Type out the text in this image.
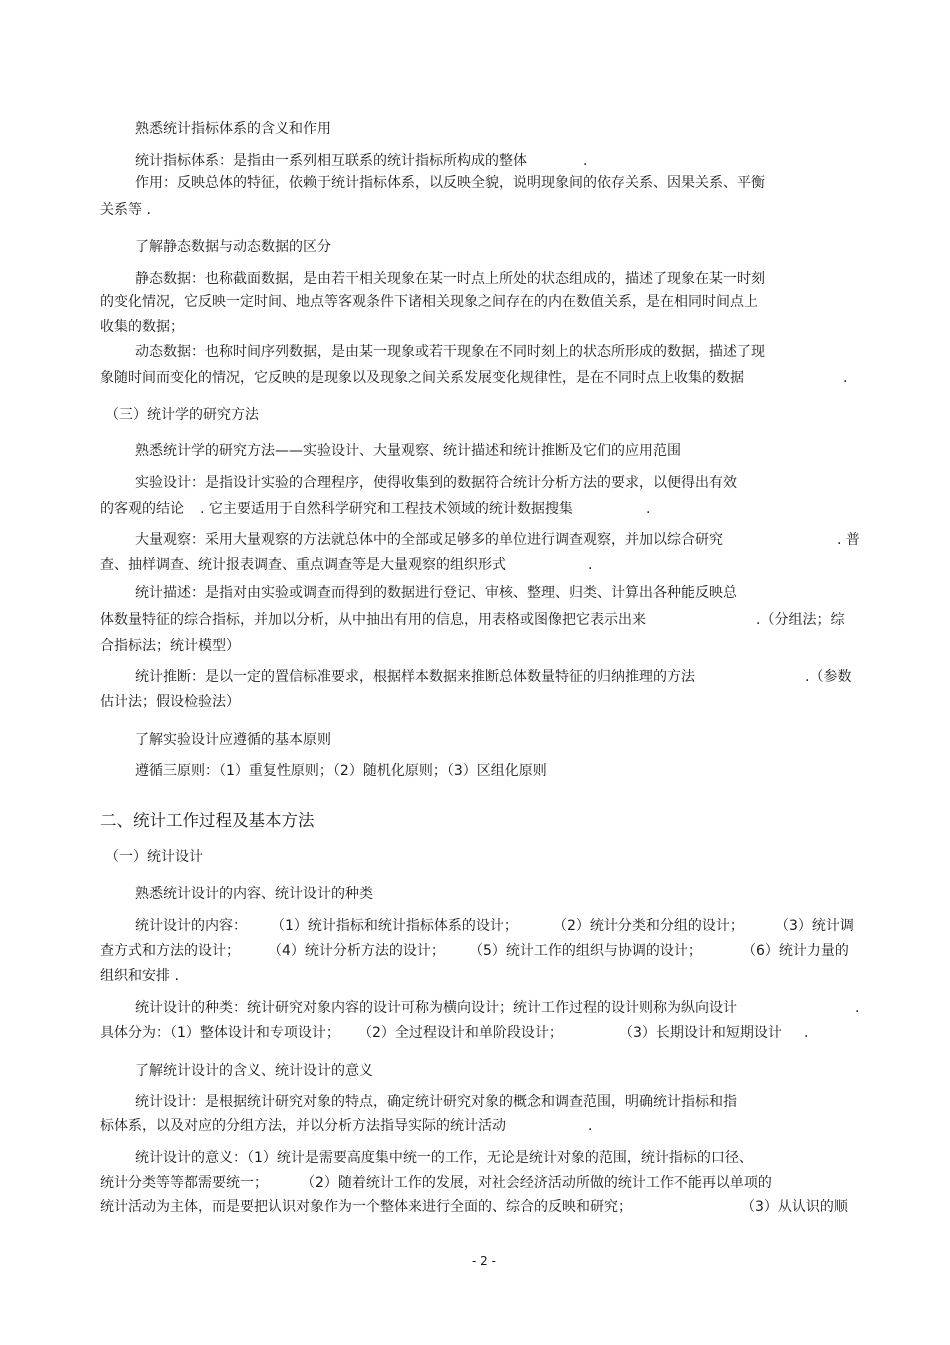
熟悉统计指标体系的含义和作用
统计指标体系：是指由一系列相互联系的统计指标所构成的整体	.
作用：反映总体的特征，依赖于统计指标体系，以反映全貌，说明现象间的依存关系、因果关系、平衡
关系等 .
了解静态数据与动态数据的区分
静态数据：也称截面数据，是由若干相关现象在某一时点上所处的状态组成的，描述了现象在某一时刻
的变化情况，它反映一定时间、地点等客观条件下诸相关现象之间存在的内在数值关系，是在相同时间点上
收集的数据；
动态数据：也称时间序列数据，是由某一现象或若干现象在不同时刻上的状态所形成的数据，描述了现
象随时间而变化的情况，它反映的是现象以及现象之间关系发展变化规律性，是在不同时点上收集的数据	.
（三）统计学的研究方法
熟悉统计学的研究方法——实验设计、大量观察、统计描述和统计推断及它们的应用范围
实验设计：是指设计实验的合理程序，使得收集到的数据符合统计分析方法的要求，以便得出有效
的客观的结论 . 它主要适用于自然科学研究和工程技术领域的统计数据搜集	.
大量观察：采用大量观察的方法就总体中的全部或足够多的单位进行调查观察，并加以综合研究	. 普
查、抽样调查、统计报表调查、重点调查等是大量观察的组织形式	.
统计描述：是指对由实验或调查而得到的数据进行登记、审核、整理、归类、计算出各种能反映总
体数量特征的综合指标，并加以分析，从中抽出有用的信息，用表格或图像把它表示出来	.（分组法；综
合指标法；统计模型）
统计推断：是以一定的置信标准要求，根据样本数据来推断总体数量特征的归纳推理的方法	.（参数
估计法；假设检验法）
了解实验设计应遵循的基本原则
遵循三原则：（1）重复性原则；（2）随机化原则；（3）区组化原则
二、统计工作过程及基本方法
（一）统计设计
熟悉统计设计的内容、统计设计的种类
统计设计的内容： （1）统计指标和统计指标体系的设计；	（2）统计分类和分组的设计； （3）统计调
查方式和方法的设计； （4）统计分析方法的设计； （5）统计工作的组织与协调的设计；	（6）统计力量的
组织和安排 .
统计设计的种类：统计研究对象内容的设计可称为横向设计；统计工作过程的设计则称为纵向设计	.
具体分为：（1）整体设计和专项设计； （2）全过程设计和单阶段设计；	（3）长期设计和短期设计 .
了解统计设计的含义、统计设计的意义
统计设计：是根据统计研究对象的特点，确定统计研究对象的概念和调查范围，明确统计指标和指
标体系，以及对应的分组方法，并以分析方法指导实际的统计活动	.
统计设计的意义：（1）统计是需要高度集中统一的工作，无论是统计对象的范围，统计指标的口径、
统计分类等等都需要统一； （2）随着统计工作的发展，对社会经济活动所做的统计工作不能再以单项的
统计活动为主体，而是要把认识对象作为一个整体来进行全面的、综合的反映和研究；	（3）从认识的顺
- 2 -
